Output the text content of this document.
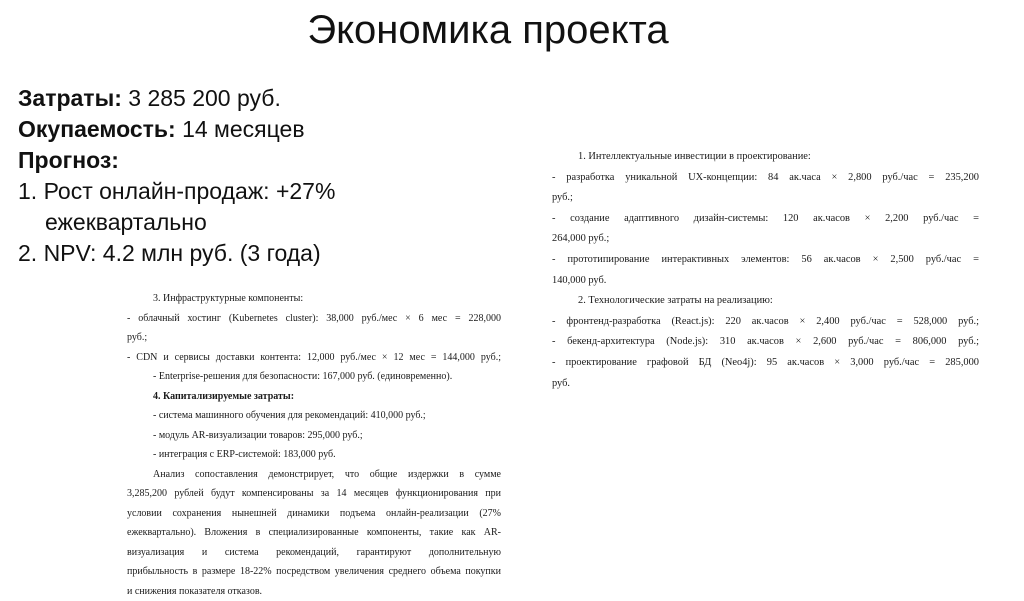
Экономика проекта
Затраты: 3 285 200 руб.
Окупаемость: 14 месяцев
Прогноз:
1. Рост онлайн-продаж: +27%
ежеквартально
2. NPV: 4.2 млн руб. (3 года)
1. Интеллектуальные инвестиции в проектирование:
- разработка уникальной UX-концепции: 84 ак.часа × 2,800 руб./час = 235,200
руб.;
- создание адаптивного дизайн-системы: 120 ак.часов × 2,200 руб./час =
264,000 руб.;
- прототипирование интерактивных элементов: 56 ак.часов × 2,500 руб./час =
140,000 руб.
2. Технологические затраты на реализацию:
- фронтенд-разработка (React.js): 220 ак.часов × 2,400 руб./час = 528,000 руб.;
- бекенд-архитектура (Node.js): 310 ак.часов × 2,600 руб./час = 806,000 руб.;
- проектирование графовой БД (Neo4j): 95 ак.часов × 3,000 руб./час = 285,000
руб.
3. Инфраструктурные компоненты:
- облачный хостинг (Kubernetes cluster): 38,000 руб./мес × 6 мес = 228,000
руб.;
- CDN и сервисы доставки контента: 12,000 руб./мес × 12 мес = 144,000 руб.;
- Enterprise-решения для безопасности: 167,000 руб. (единовременно).
4. Капитализируемые затраты:
- система машинного обучения для рекомендаций: 410,000 руб.;
- модуль AR-визуализации товаров: 295,000 руб.;
- интеграция с ERP-системой: 183,000 руб.
Анализ сопоставления демонстрирует, что общие издержки в сумме
3,285,200 рублей будут компенсированы за 14 месяцев функционирования при
условии сохранения нынешней динамики подъема онлайн-реализации (27%
ежеквартально). Вложения в специализированные компоненты, такие как AR-
визуализация и система рекомендаций, гарантируют дополнительную
прибыльность в размере 18-22% посредством увеличения среднего объема покупки
и снижения показателя отказов.
